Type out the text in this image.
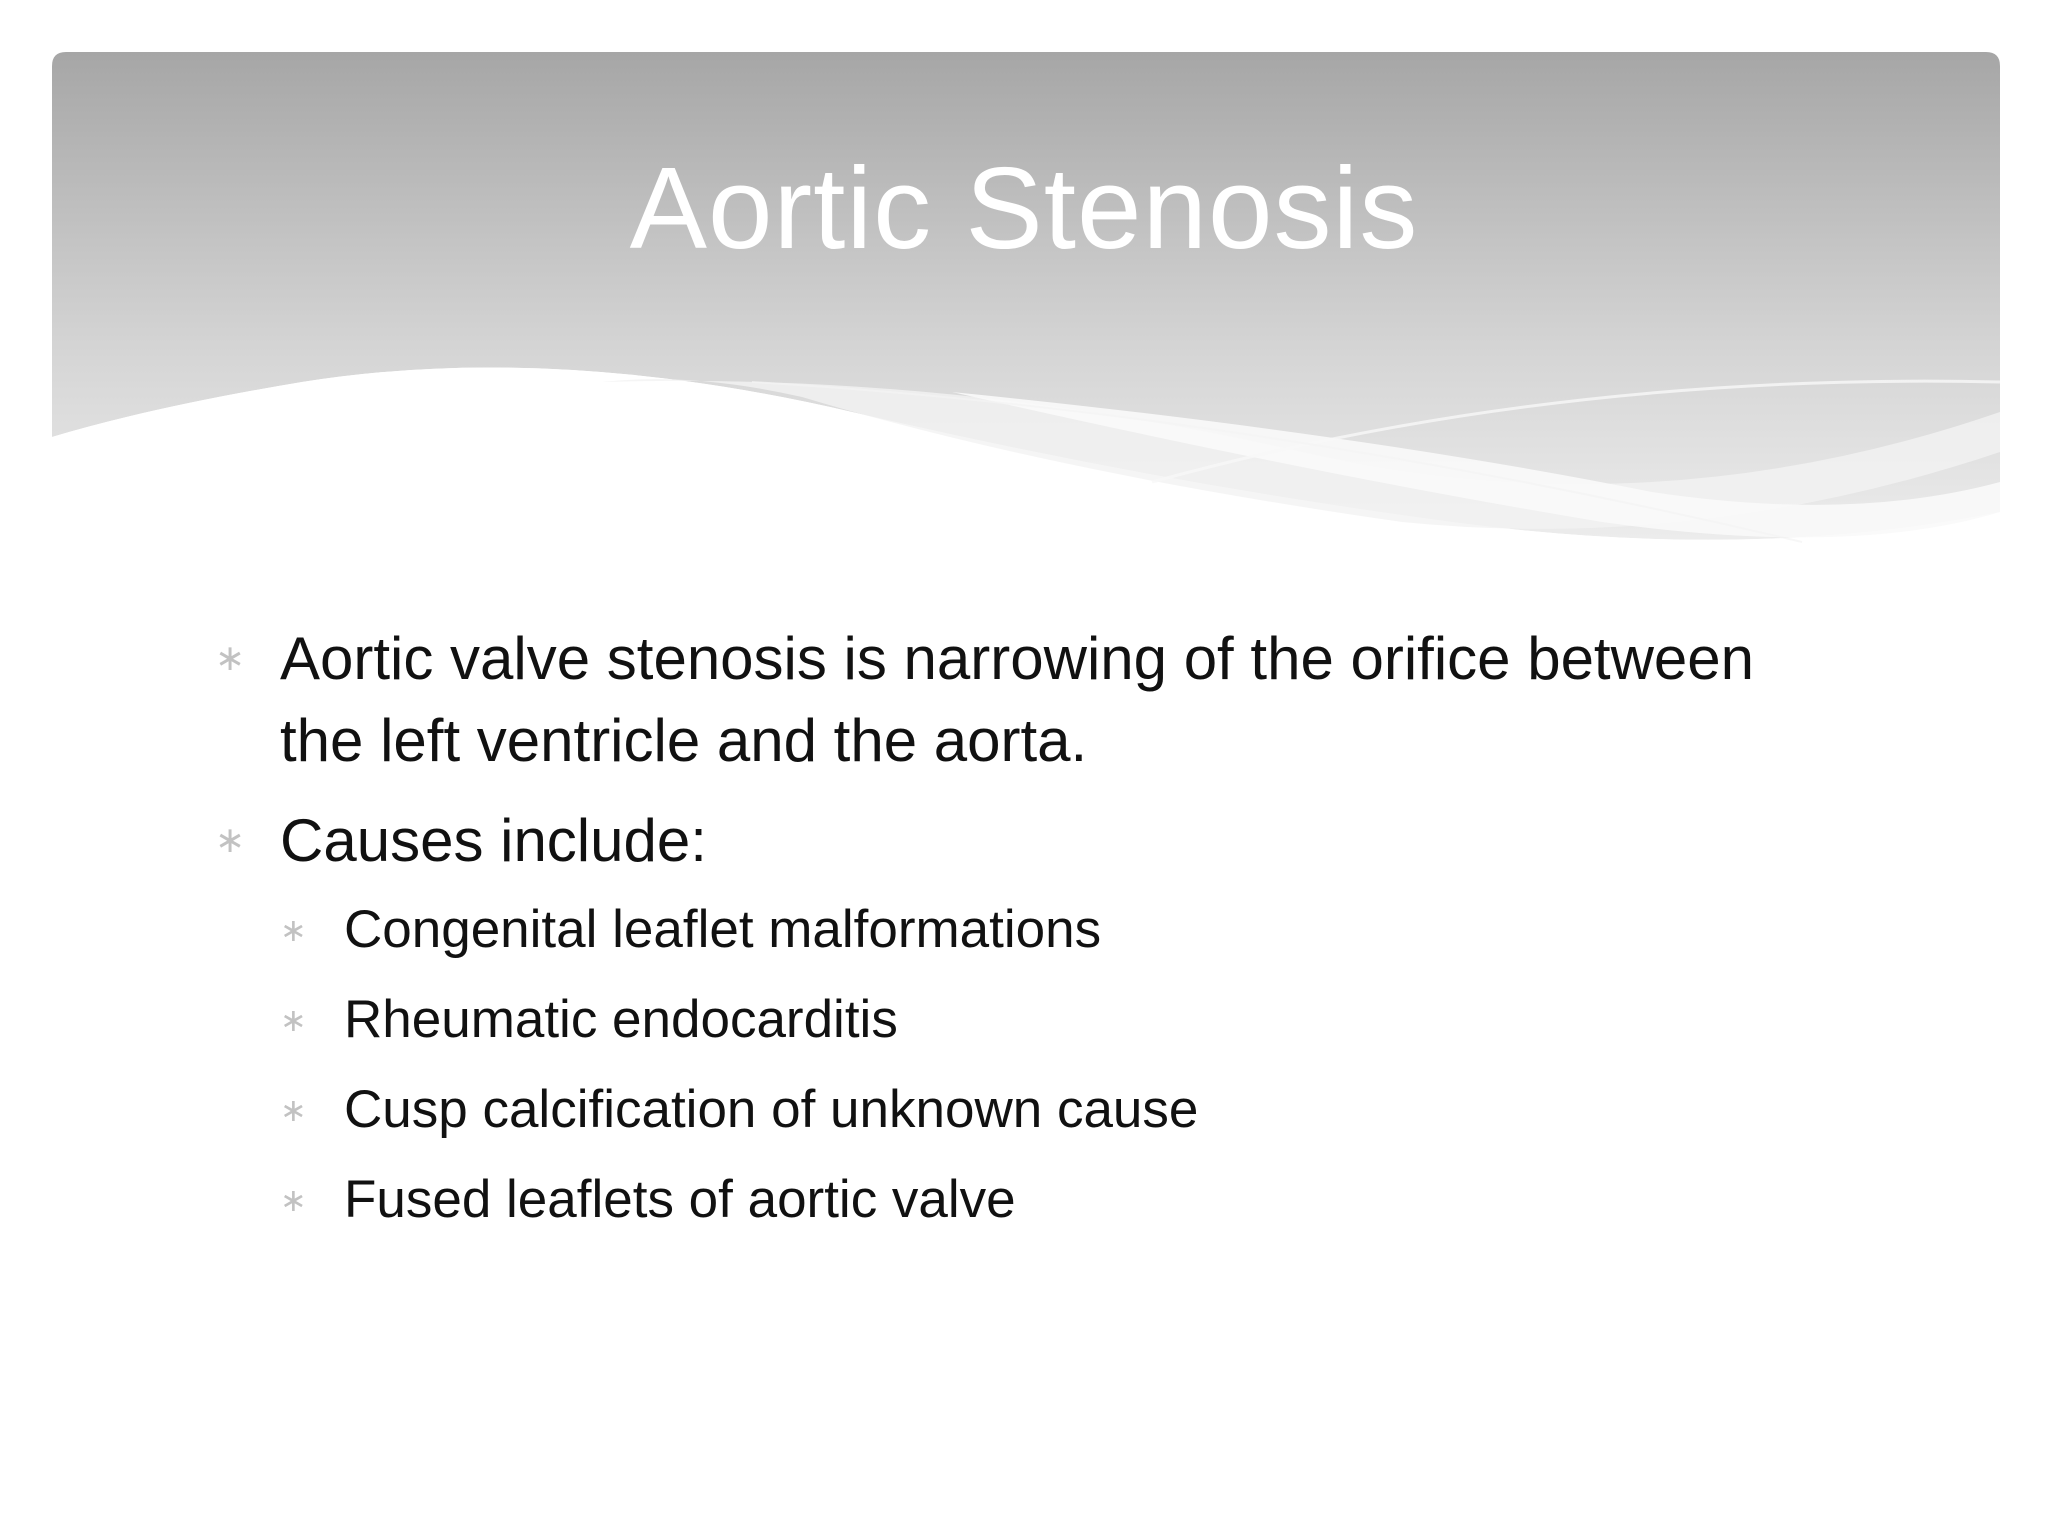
Aortic Stenosis
∗ Aortic valve stenosis is narrowing of the orifice between the left ventricle and the aorta.
∗ Causes include:
∗ Congenital leaflet malformations
∗ Rheumatic endocarditis
∗ Cusp calcification of unknown cause
∗ Fused leaflets of aortic valve
